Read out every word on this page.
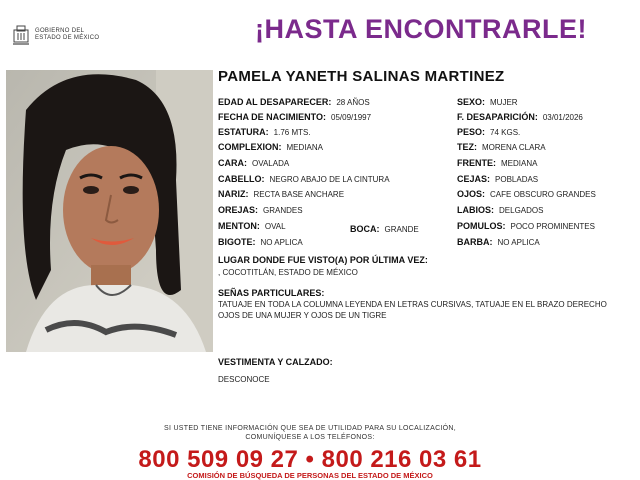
GOBIERNO DEL
ESTADO DE MÉXICO	¡HASTA ENCONTRARLE!
PAMELA YANETH SALINAS MARTINEZ
EDAD AL DESAPARECER: 28 AÑOS
FECHA DE NACIMIENTO: 05/09/1997
ESTATURA: 1.76 MTS.
COMPLEXION: MEDIANA
CARA: OVALADA
CABELLO: NEGRO ABAJO DE LA CINTURA
NARIZ: RECTA BASE ANCHARE
OREJAS: GRANDES
MENTON: OVAL	BOCA: GRANDE
BIGOTE: NO APLICA
SEXO: MUJER
F. DESAPARICIÓN: 03/01/2026
PESO: 74 KGS.
TEZ: MORENA CLARA
FRENTE: MEDIANA
CEJAS: POBLADAS
OJOS: CAFE OBSCURO GRANDES
LABIOS: DELGADOS
POMULOS: POCO PROMINENTES
BARBA: NO APLICA
LUGAR DONDE FUE VISTO(A) POR ÚLTIMA VEZ:
, COCOTITLÁN, ESTADO DE MÉXICO
SEÑAS PARTICULARES:
TATUAJE EN TODA LA COLUMNA LEYENDA EN LETRAS CURSIVAS, TATUAJE EN EL BRAZO DERECHO OJOS DE UNA MUJER Y OJOS DE UN TIGRE
VESTIMENTA Y CALZADO:
DESCONOCE
SI USTED TIENE INFORMACIÓN QUE SEA DE UTILIDAD PARA SU LOCALIZACIÓN,
COMUNÍQUESE A LOS TELÉFONOS:
800 509 09 27 • 800 216 03 61
COMISIÓN DE BÚSQUEDA DE PERSONAS DEL ESTADO DE MÉXICO
